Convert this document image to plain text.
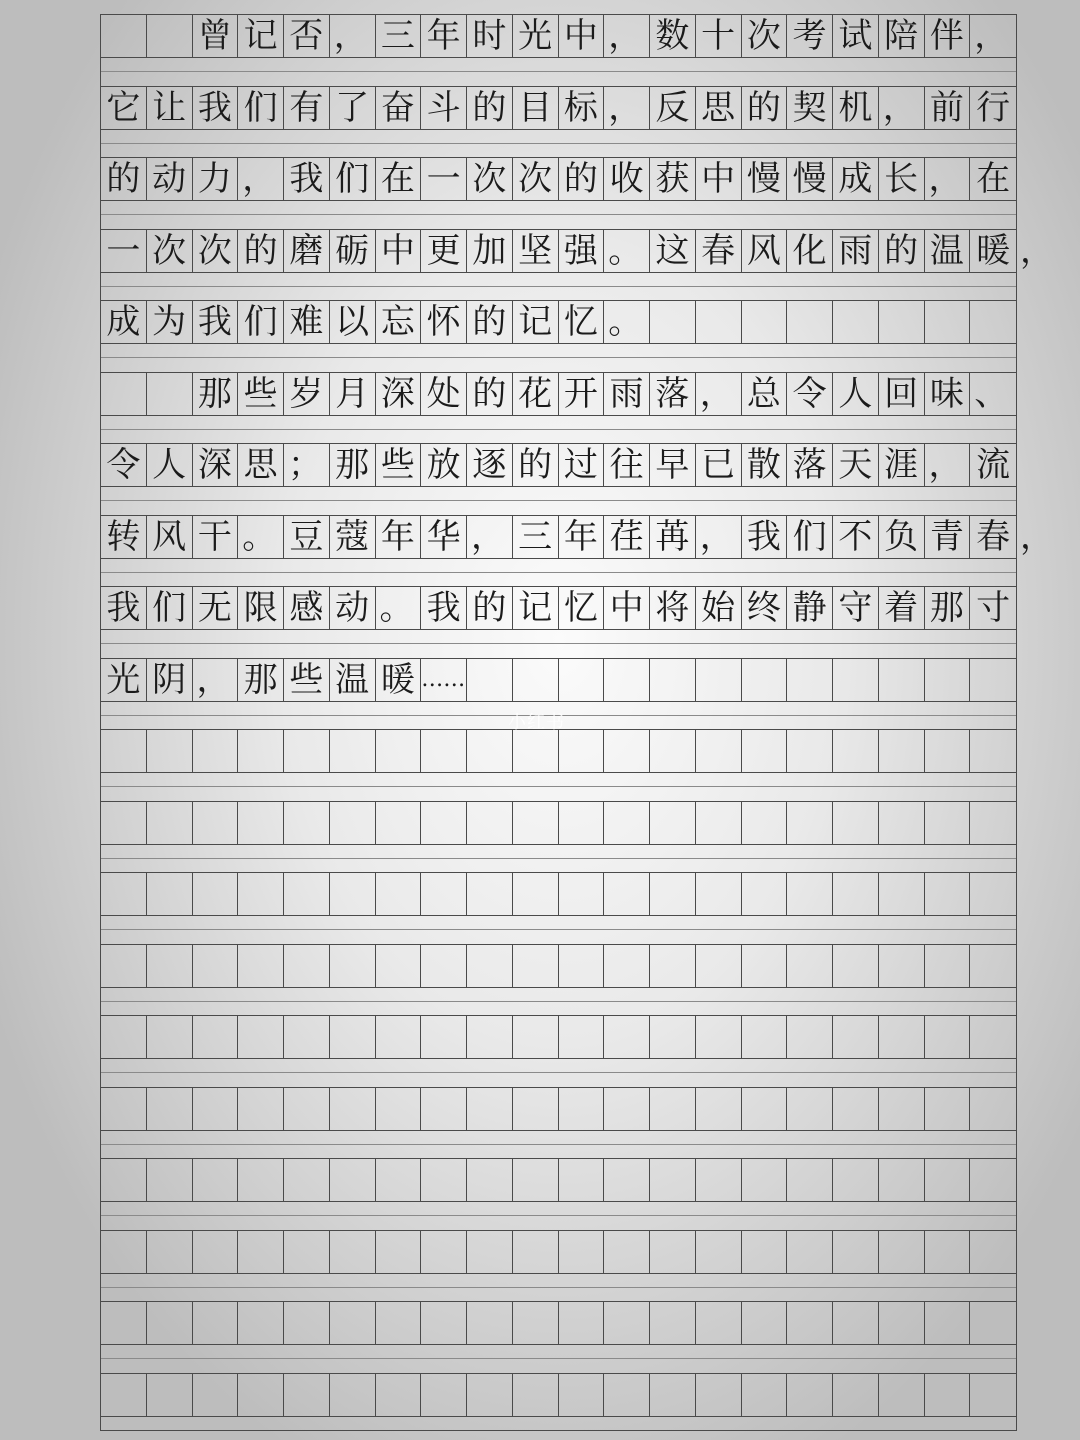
曾 记 否 ， 三 年 时 光 中 ， 数 十 次 考 试 陪 伴 ，
它 让 我 们 有 了 奋 斗 的 目 标 ， 反 思 的 契 机 ， 前 行
的 动 力 ， 我 们 在 一 次 次 的 收 获 中 慢 慢 成 长 ， 在
一 次 次 的 磨 砺 中 更 加 坚 强 。 这 春 风 化 雨 的 温 暖
成 为 我 们 难 以 忘 怀 的 记 忆 。
那 些 岁 月 深 处 的 花 开 雨 落 ， 总 令 人 回 味 、
令 人 深 思 ； 那 些 放 逐 的 过 往 早 已 散 落 天 涯 ， 流
转 风 干 。 豆 蔻 年 华 ， 三 年 荏 苒 ， 我 们 不 负 青 春
我 们 无 限 感 动 。 我 的 记 忆 中 将 始 终 静 守 着 那 寸
光 阴 ， 那 些 温 暖 ……
小红书
，
，
